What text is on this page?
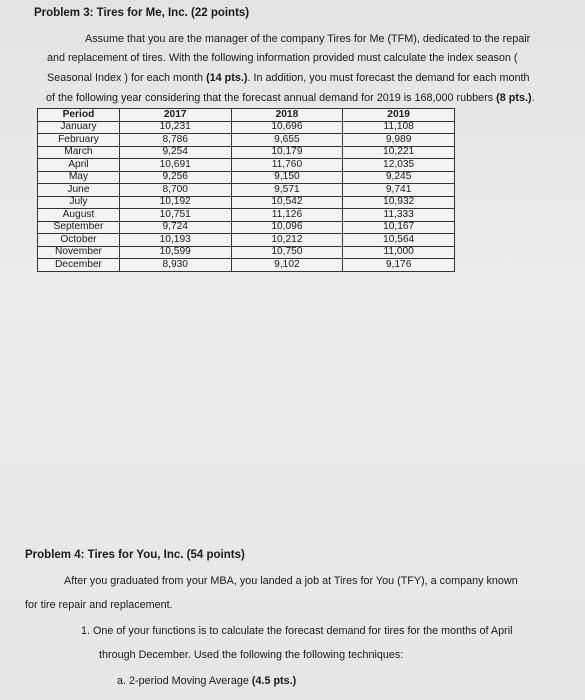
Problem 3: Tires for Me, Inc. (22 points)
Assume that you are the manager of the company Tires for Me (TFM), dedicated to the repair
and replacement of tires. With the following information provided must calculate the index season (
Seasonal Index ) for each month (14 pts.). In addition, you must forecast the demand for each month
of the following year considering that the forecast annual demand for 2019 is 168,000 rubbers (8 pts.).
Period	2017	2018	2019
January	10,231	10,696	11,108
February	8,786	9,655	9,989
March	9,254	10,179	10,221
April	10,691	11,760	12,035
May	9,256	9,150	9,245
June	8,700	9,571	9,741
July	10,192	10,542	10,932
August	10,751	11,126	11,333
September	9,724	10,096	10,167
October	10,193	10,212	10,564
November	10,599	10,750	11,000
December	8,930	9,102	9,176
Problem 4: Tires for You, Inc. (54 points)
After you graduated from your MBA, you landed a job at Tires for You (TFY), a company known
for tire repair and replacement.
1. One of your functions is to calculate the forecast demand for tires for the months of April
through December. Used the following the following techniques:
a. 2-period Moving Average (4.5 pts.)
